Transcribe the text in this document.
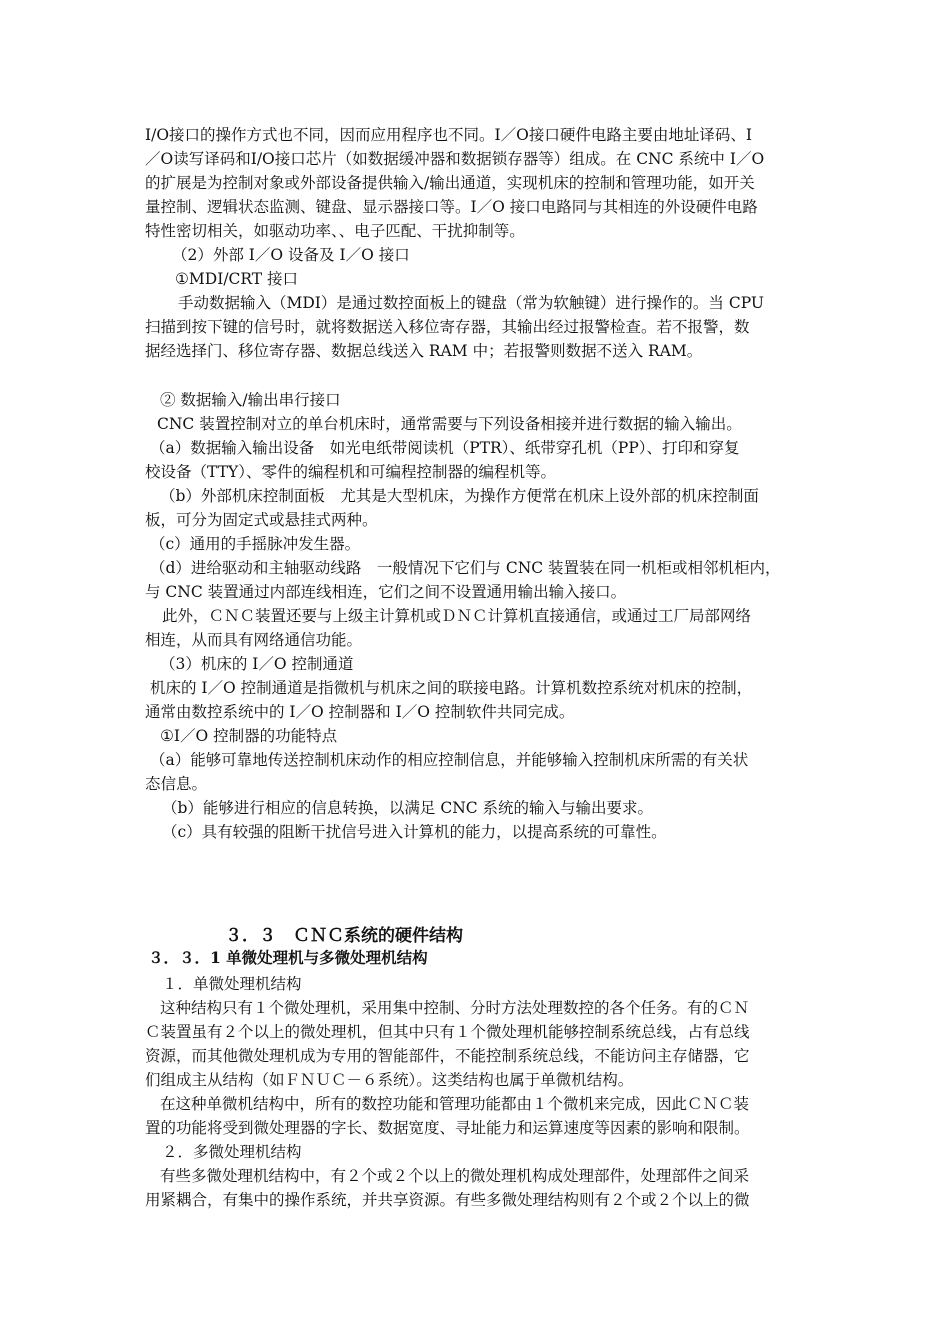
I/O接口的操作方式也不同，因而应用程序也不同。I／O接口硬件电路主要由地址译码、I
／O读写译码和I/O接口芯片（如数据缓冲器和数据锁存器等）组成。在 CNC 系统中 I／O
的扩展是为控制对象或外部设备提供输入/输出通道，实现机床的控制和管理功能，如开关
量控制、逻辑状态监测、键盘、显示器接口等。I／O 接口电路同与其相连的外设硬件电路
特性密切相关，如驱动功率、、电子匹配、干扰抑制等。
（2）外部 I／O 设备及 I／O 接口
①MDI/CRT 接口
手动数据输入（MDI）是通过数控面板上的键盘（常为软触键）进行操作的。当 CPU
扫描到按下键的信号时，就将数据送入移位寄存器，其输出经过报警检查。若不报警，数
据经选择门、移位寄存器、数据总线送入 RAM 中；若报警则数据不送入 RAM。
② 数据输入/输出串行接口
CNC 装置控制对立的单台机床时，通常需要与下列设备相接并进行数据的输入输出。
（a）数据输入输出设备　如光电纸带阅读机（PTR）、纸带穿孔机（PP）、打印和穿复
校设备（TTY）、零件的编程机和可编程控制器的编程机等。
（b）外部机床控制面板　尤其是大型机床，为操作方便常在机床上设外部的机床控制面
板，可分为固定式或悬挂式两种。
（c）通用的手摇脉冲发生器。
（d）进给驱动和主轴驱动线路　一般情况下它们与 CNC 装置装在同一机柜或相邻机柜内，
与 CNC 装置通过内部连线相连，它们之间不设置通用输出输入接口。
此外，ＣＮＣ装置还要与上级主计算机或ＤＮＣ计算机直接通信，或通过工厂局部网络
相连，从而具有网络通信功能。
（3）机床的 I／O 控制通道
机床的 I／O 控制通道是指微机与机床之间的联接电路。计算机数控系统对机床的控制，
通常由数控系统中的 I／O 控制器和 I／O 控制软件共同完成。
①I／O 控制器的功能特点
（a）能够可靠地传送控制机床动作的相应控制信息，并能够输入控制机床所需的有关状
态信息。
（b）能够进行相应的信息转换，以满足 CNC 系统的输入与输出要求。
（c）具有较强的阻断干扰信号进入计算机的能力，以提高系统的可靠性。
３．３　ＣＮＣ系统的硬件结构
３．３．1 单微处理机与多微处理机结构
１．单微处理机结构
这种结构只有１个微处理机，采用集中控制、分时方法处理数控的各个任务。有的ＣＮ
Ｃ装置虽有２个以上的微处理机，但其中只有１个微处理机能够控制系统总线，占有总线
资源，而其他微处理机成为专用的智能部件，不能控制系统总线，不能访问主存储器，它
们组成主从结构（如ＦＮＵＣ－６系统）。这类结构也属于单微机结构。
在这种单微机结构中，所有的数控功能和管理功能都由１个微机来完成，因此ＣＮＣ装
置的功能将受到微处理器的字长、数据宽度、寻址能力和运算速度等因素的影响和限制。
２．多微处理机结构
有些多微处理机结构中，有２个或２个以上的微处理机构成处理部件，处理部件之间采
用紧耦合，有集中的操作系统，并共享资源。有些多微处理结构则有２个或２个以上的微
